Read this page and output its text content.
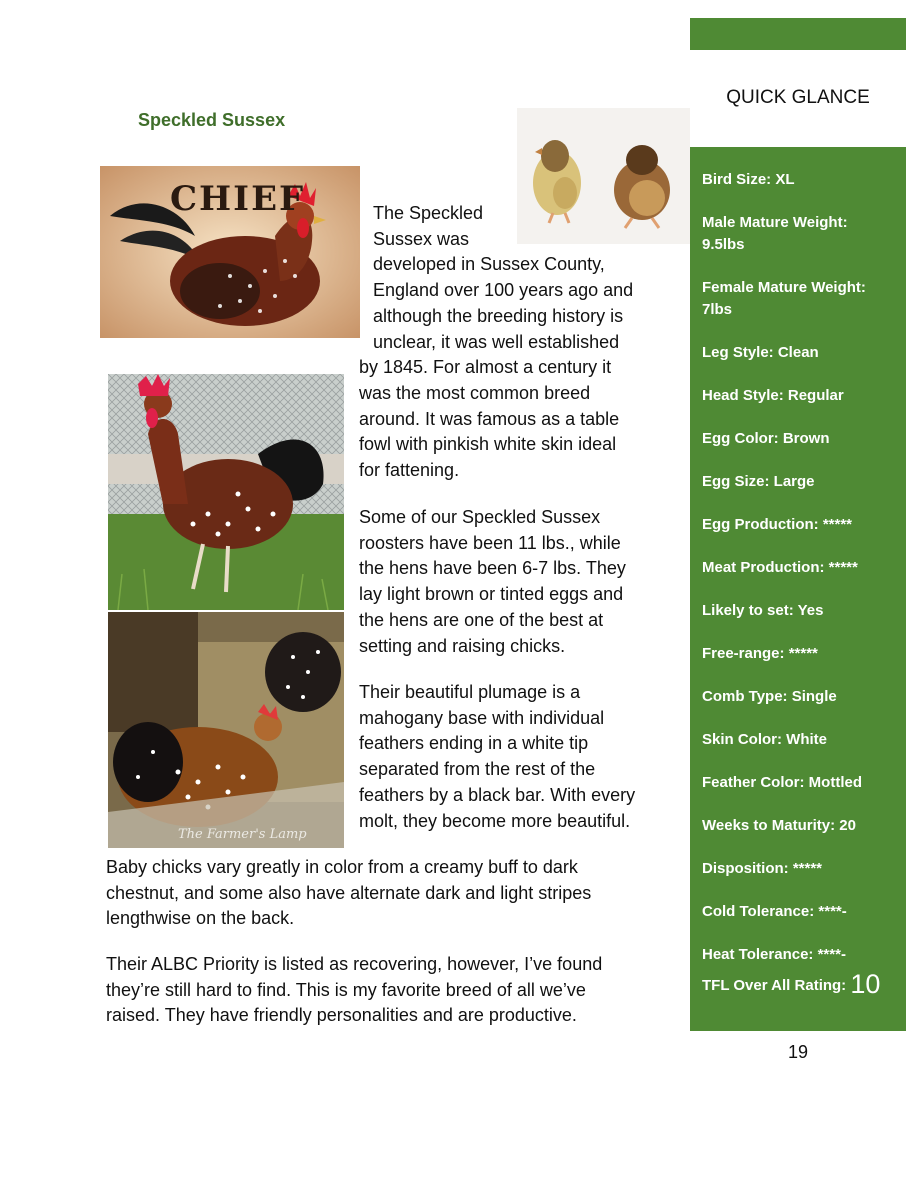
Speckled Sussex
CHIEF
The Farmer's Lamp
The Speckled
Sussex was
developed in Sussex County,
England over 100 years ago and
although the breeding history is
unclear, it was well established
by 1845. For almost a century it
was the most common breed
around. It was famous as a table
fowl with pinkish white skin ideal
for fattening.
Some of our Speckled Sussex
roosters have been 11 lbs., while
the hens have been 6-7 lbs. They
lay light brown or tinted eggs and
the hens are one of the best at
setting and raising chicks.
Their beautiful plumage is a
mahogany base with individual
feathers ending in a white tip
separated from the rest of the
feathers by a black bar. With every
molt, they become more beautiful.
Baby chicks vary greatly in color from a creamy buff to dark
chestnut, and some also have alternate dark and light stripes
lengthwise on the back.
Their ALBC Priority is listed as recovering, however, I’ve found
they’re still hard to find. This is my favorite breed of all we’ve
raised. They have friendly personalities and are productive.
QUICK GLANCE
Bird Size: XL
Male Mature Weight:
9.5lbs
Female Mature Weight:
7lbs
Leg Style: Clean
Head Style: Regular
Egg Color: Brown
Egg Size: Large
Egg Production: *****
Meat Production: *****
Likely to set: Yes
Free-range: *****
Comb Type: Single
Skin Color: White
Feather Color: Mottled
Weeks to Maturity: 20
Disposition: *****
Cold Tolerance: ****-
Heat Tolerance: ****-
TFL Over All Rating: 10
19
